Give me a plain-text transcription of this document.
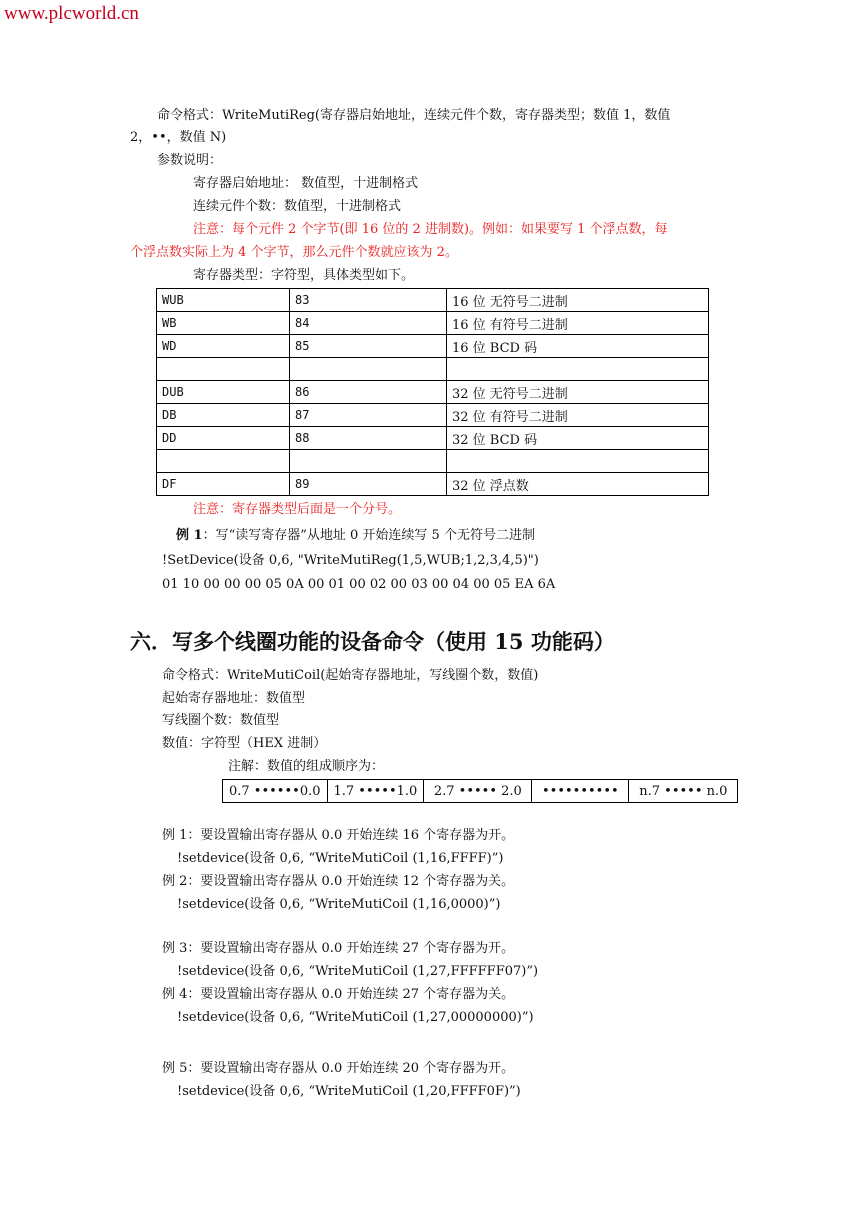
www.plcworld.cn
命令格式：WriteMutiReg(寄存器启始地址，连续元件个数，寄存器类型；数值 1，数值
2，••，数值 N)
参数说明：
寄存器启始地址： 数值型，十进制格式
连续元件个数：数值型，十进制格式
注意：每个元件 2 个字节(即 16 位的 2 进制数)。例如：如果要写 1 个浮点数，每
个浮点数实际上为 4 个字节，那么元件个数就应该为 2。
寄存器类型：字符型，具体类型如下。
WUB	83	16 位 无符号二进制
WB	84	16 位 有符号二进制
WD	85	16 位 BCD 码

DUB	86	32 位 无符号二进制
DB	87	32 位 有符号二进制
DD	88	32 位 BCD 码

DF	89	32 位 浮点数
注意：寄存器类型后面是一个分号。
例 1：写“读写寄存器”从地址 0 开始连续写 5 个无符号二进制
!SetDevice(设备 0,6, "WriteMutiReg(1,5,WUB;1,2,3,4,5)")
01 10 00 00 00 05 0A 00 01 00 02 00 03 00 04 00 05 EA 6A
六．写多个线圈功能的设备命令（使用 15 功能码）
命令格式：WriteMutiCoil(起始寄存器地址，写线圈个数，数值)
起始寄存器地址：数值型
写线圈个数：数值型
数值：字符型（HEX 进制）
注解：数值的组成顺序为：
0.7 ••••••0.0	1.7 •••••1.0	2.7 ••••• 2.0	••••••••••	n.7 ••••• n.0
例 1：要设置输出寄存器从 0.0 开始连续 16 个寄存器为开。
!setdevice(设备 0,6, “WriteMutiCoil (1,16,FFFF)”)
例 2：要设置输出寄存器从 0.0 开始连续 12 个寄存器为关。
!setdevice(设备 0,6, “WriteMutiCoil (1,16,0000)”)
例 3：要设置输出寄存器从 0.0 开始连续 27 个寄存器为开。
!setdevice(设备 0,6, “WriteMutiCoil (1,27,FFFFFF07)”)
例 4：要设置输出寄存器从 0.0 开始连续 27 个寄存器为关。
!setdevice(设备 0,6, “WriteMutiCoil (1,27,00000000)”)
例 5：要设置输出寄存器从 0.0 开始连续 20 个寄存器为开。
!setdevice(设备 0,6, “WriteMutiCoil (1,20,FFFF0F)”)
